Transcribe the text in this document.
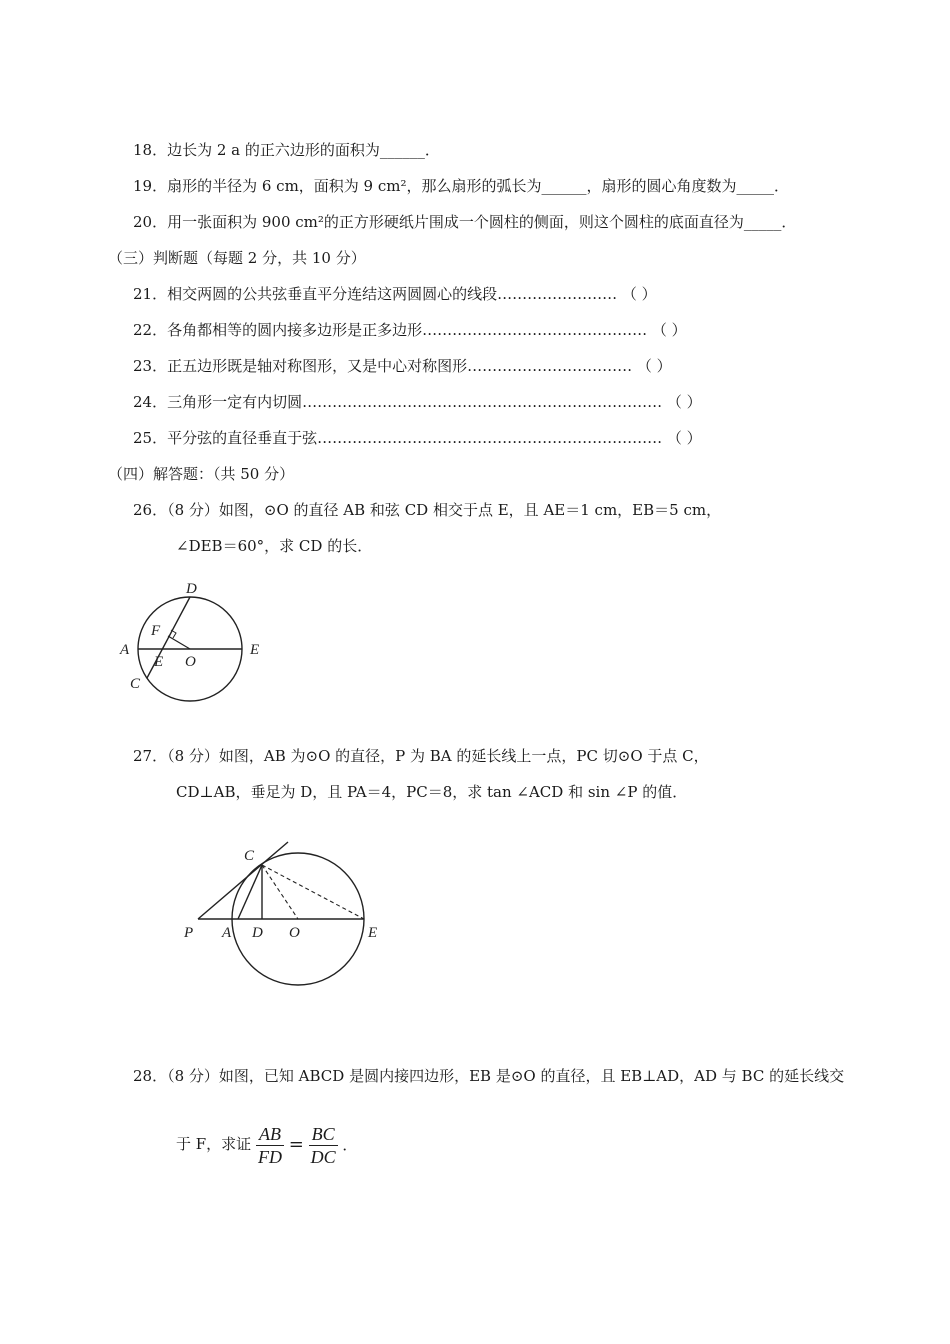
18．边长为 2 a 的正六边形的面积为______．
19．扇形的半径为 6 cm，面积为 9 cm²，那么扇形的弧长为______，扇形的圆心角度数为_____．
20．用一张面积为 900 cm²的正方形硬纸片围成一个圆柱的侧面，则这个圆柱的底面直径为_____．
（三）判断题（每题 2 分，共 10 分）
21．相交两圆的公共弦垂直平分连结这两圆圆心的线段…………………… （ ）
22．各角都相等的圆内接多边形是正多边形……………………………………… （ ）
23．正五边形既是轴对称图形，又是中心对称图形…………………………… （ ）
24．三角形一定有内切圆……………………………………………………………… （ ）
25．平分弦的直径垂直于弦…………………………………………………………… （ ）
（四）解答题：（共 50 分）
26．（8 分）如图，⊙O 的直径 AB 和弦 CD 相交于点 E，且 AE＝1 cm，EB＝5 cm，
∠DEB＝60°，求 CD 的长．
D
F
A
E O
E
C
27．（8 分）如图，AB 为⊙O 的直径，P 为 BA 的延长线上一点，PC 切⊙O 于点 C，
CD⊥AB，垂足为 D，且 PA＝4，PC＝8，求 tan ∠ACD 和 sin ∠P 的值．
C
P A D O	E
28．（8 分）如图，已知 ABCD 是圆内接四边形，EB 是⊙O 的直径，且 EB⊥AD，AD 与 BC 的延长线交
于 F，求证 $\frac{AB}{FD} = \frac{BC}{DC}$ ．
